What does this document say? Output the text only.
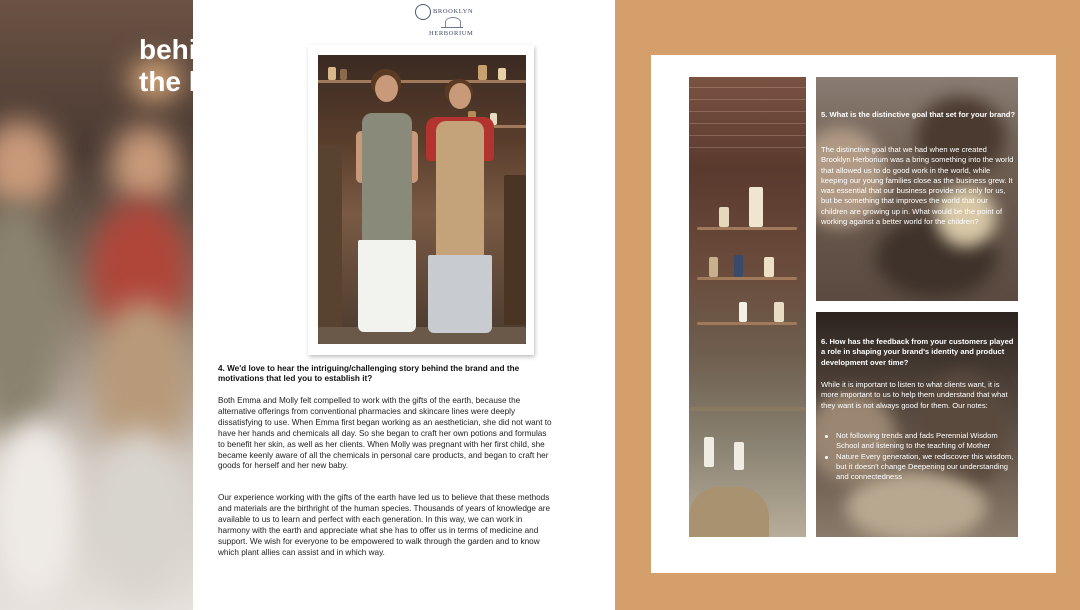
behind
the brand
BROOKLYN
HERBORIUM
4. We'd love to hear the intriguing/challenging story behind the brand and the motivations that led you to establish it?
Both Emma and Molly felt compelled to work with the gifts of the earth, because the alternative offerings from conventional pharmacies and skincare lines were deeply dissatisfying to use. When Emma first began working as an aesthetician, she did not want to have her hands and chemicals all day. So she began to craft her own potions and formulas to benefit her skin, as well as her clients. When Molly was pregnant with her first child, she became keenly aware of all the chemicals in personal care products, and began to craft her goods for herself and her new baby.
Our experience working with the gifts of the earth have led us to believe that these methods and materials are the birthright of the human species. Thousands of years of knowledge are available to us to learn and perfect with each generation. In this way, we can work in harmony with the earth and appreciate what she has to offer us in terms of medicine and support. We wish for everyone to be empowered to walk through the garden and to know which plant allies can assist and in which way.
5. What is the distinctive goal that set for your brand?
The distinctive goal that we had when we created Brooklyn Herborium was a bring something into the world that allowed us to do good work in the world, while keeping our young families close as the business grew. It was essential that our business provide not only for us, but be something that improves the world that our children are growing up in. What would be the point of working against a better world for the children?
6. How has the feedback from your customers played a role in shaping your brand's identity and product development over time?
While it is important to listen to what clients want, it is more important to us to help them understand that what they want is not always good for them. Our notes:
Not following trends and fads Perennial Wisdom School and listening to the teaching of Mother
Nature Every generation, we rediscover this wisdom, but it doesn't change Deepening our understanding and connectedness
